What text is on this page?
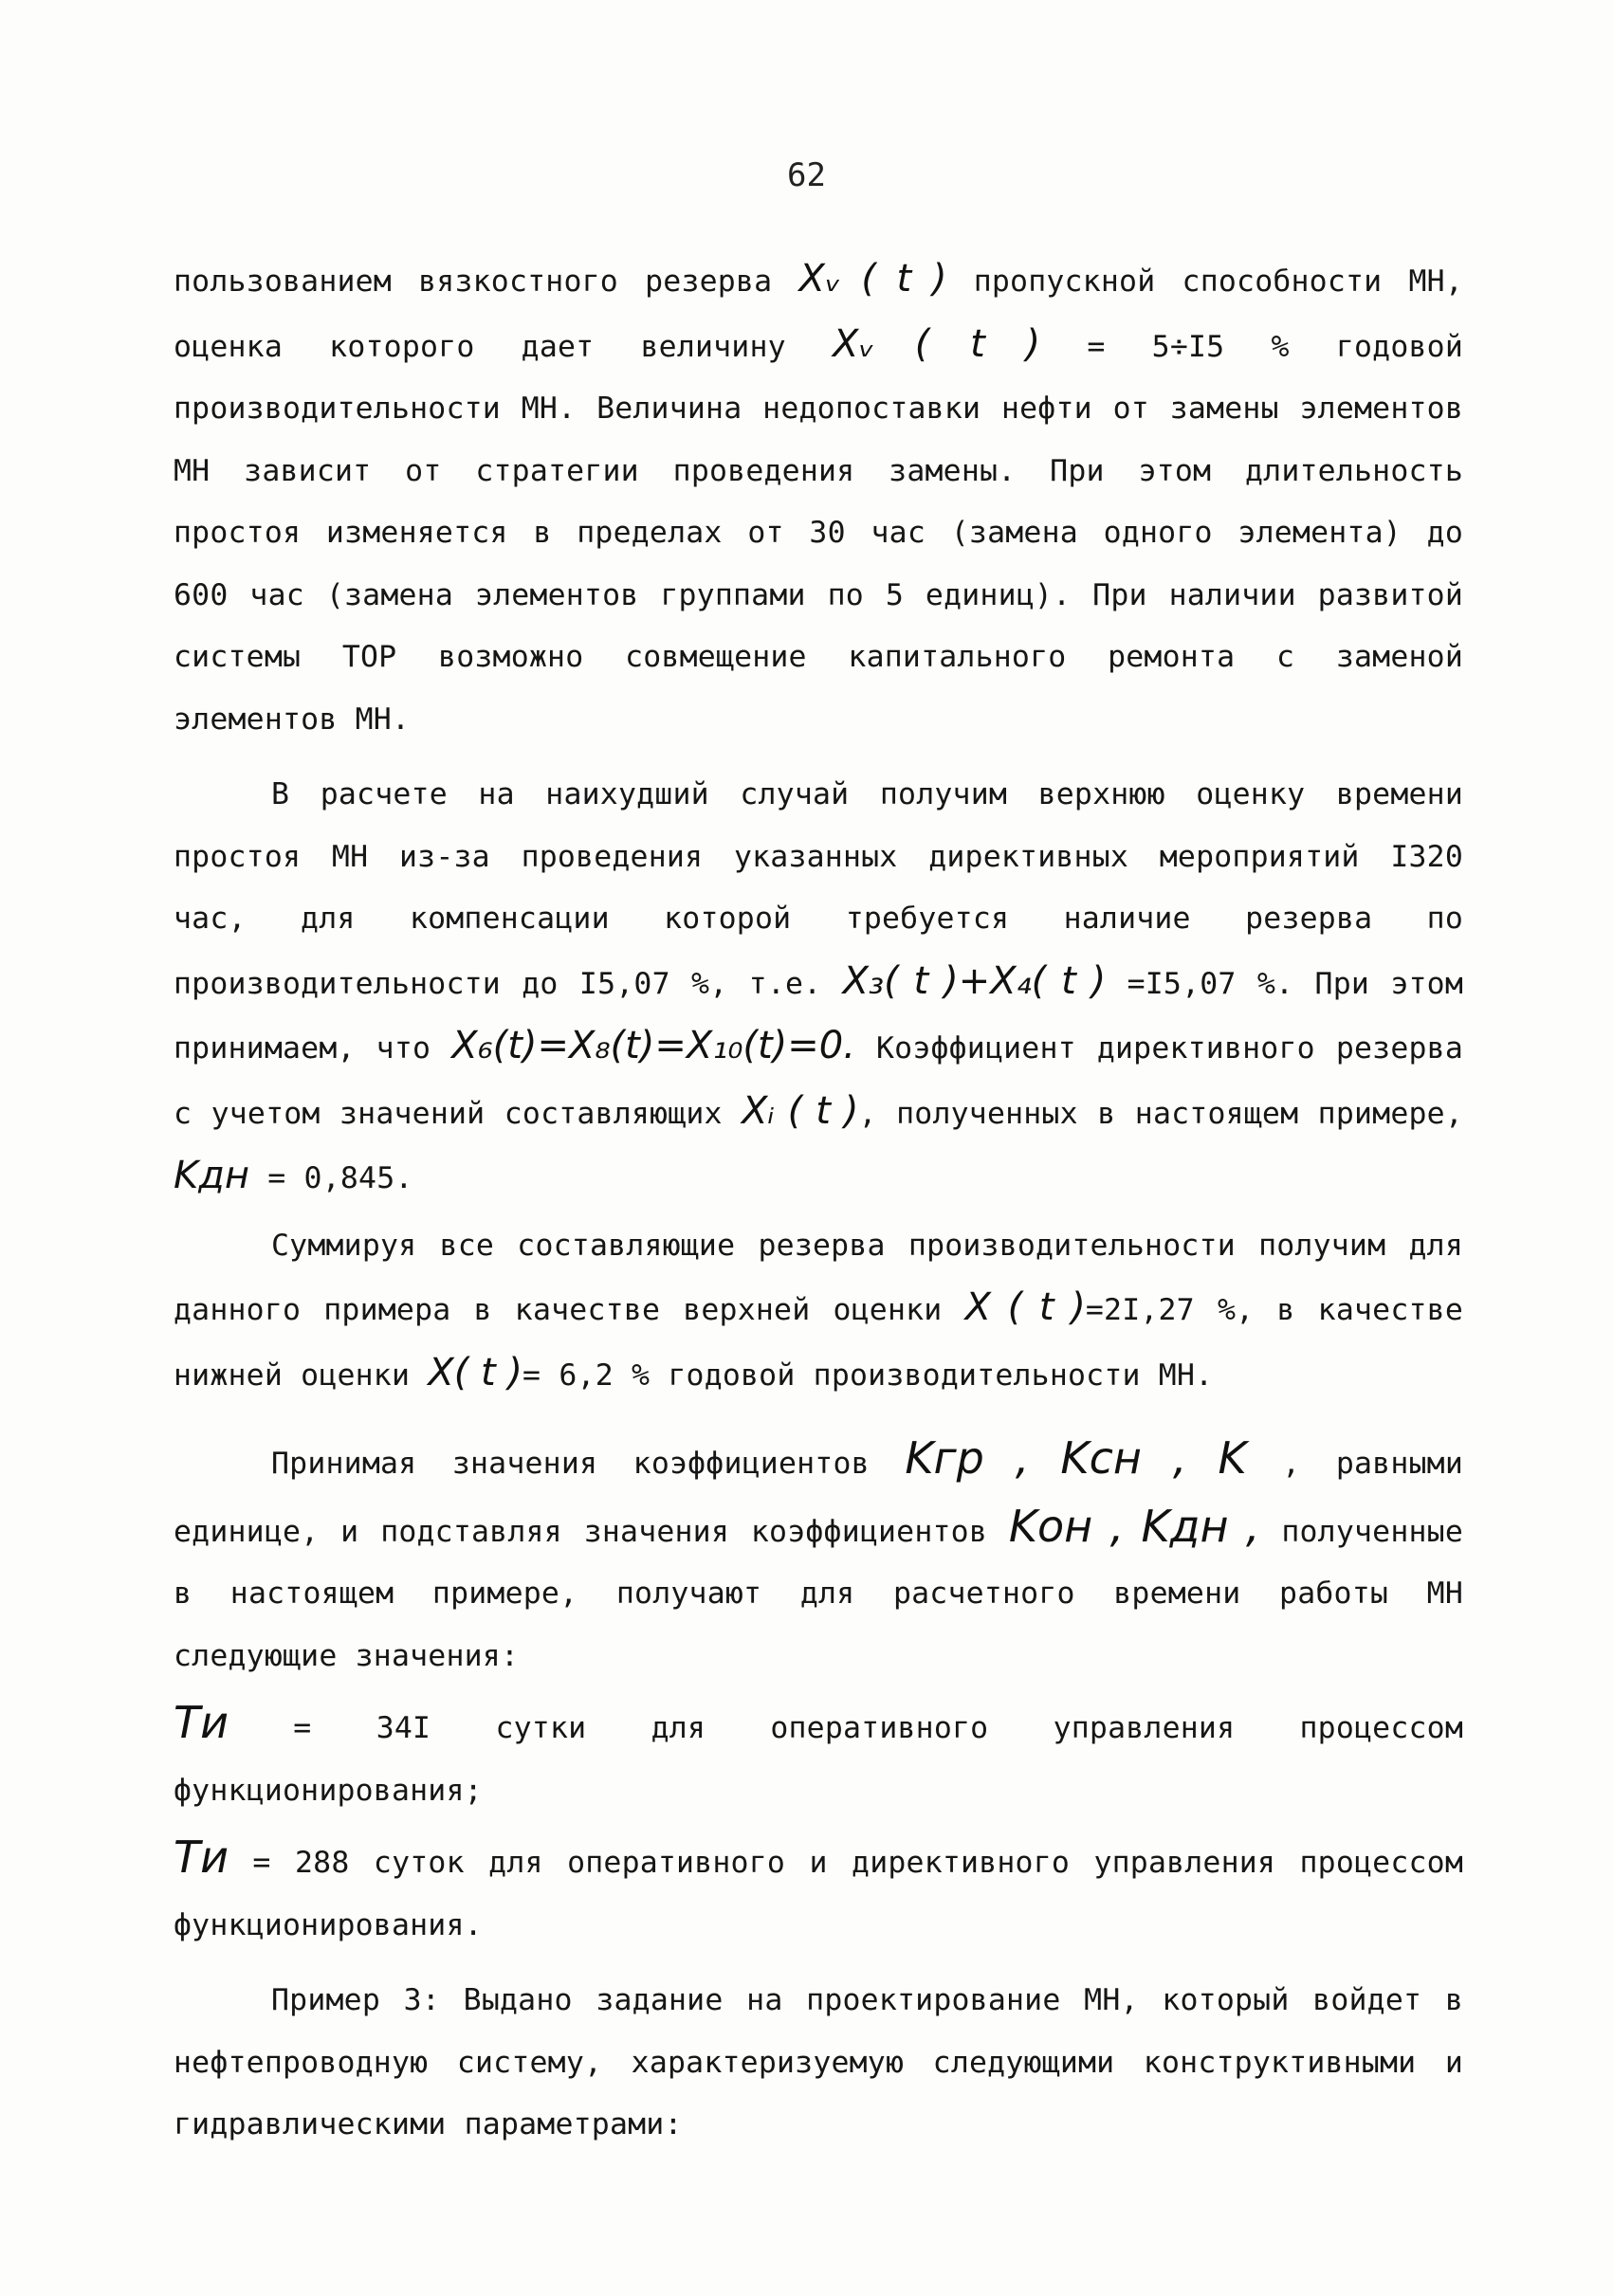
62

пользованием вязкостного резерва Xᵥ ( t ) пропускной способности МН, оценка которого дает величину Xᵥ ( t ) = 5÷I5 % годовой производительности МН. Величина недопоставки нефти от замены элементов МН зависит от стратегии проведения замены. При этом длительность простоя изменяется в пределах от 30 час (замена одного элемента) до 600 час (замена элементов группами по 5 единиц). При наличии развитой системы ТОР возможно совмещение капитального ремонта с заменой элементов МН.

В расчете на наихудший случай получим верхнюю оценку времени простоя МН из-за проведения указанных директивных мероприятий I320 час, для компенсации которой требуется наличие резерва по производительности до I5,07 %, т.е. X₃( t )+X₄( t ) =I5,07 %. При этом принимаем, что X₆(t)=X₈(t)=X₁₀(t)=0. Коэффициент директивного резерва с учетом значений составляющих Xᵢ ( t ), полученных в настоящем примере, Kдн = 0,845.

Суммируя все составляющие резерва производительности получим для данного примера в качестве верхней оценки X ( t )=2I,27 %, в качестве нижней оценки X( t )= 6,2 % годовой производительности МН.

Принимая значения коэффициентов Kгр , Kсн , K , равными единице, и подставляя значения коэффициентов Kон , Kдн , полученные в настоящем примере, получают для расчетного времени работы МН следующие значения:

Tи = 34I сутки для оперативного управления процессом функционирования;

Tи = 288 суток для оперативного и директивного управления процессом функционирования.

Пример 3: Выдано задание на проектирование МН, который войдет в нефтепроводную систему, характеризуемую следующими конструктивными и гидравлическими параметрами:
